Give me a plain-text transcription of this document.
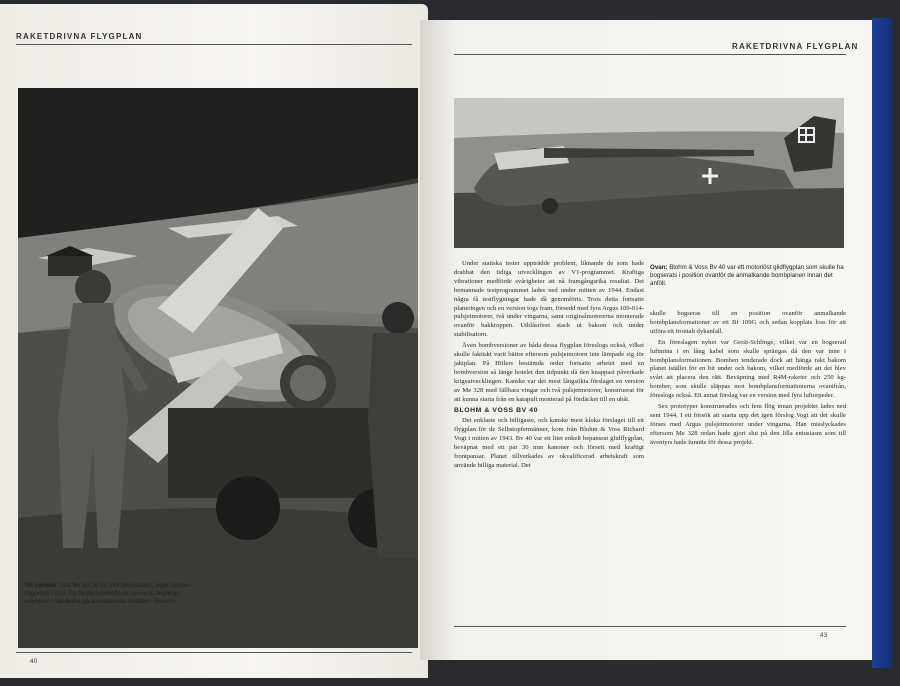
RAKETDRIVNA FLYGPLAN
Till vänster: Inte fler än 36 Bs 349 tillverkades, inget sändes någonsin i strid. De flesta hamnade ikt dessa fs ängänga exempler i händerna på amerikanska soldater i Bayern.
40
RAKETDRIVNA FLYGPLAN
Ovan: Blohm & Voss Bv 40 var ett motorlöst glidflygplan som skulle ha bogserats i position ovanför de anmalkande bombplanen innan det anföll.

Under statiska tester uppträdde problem, liknande de som hade drabbat den tidiga utvecklingen av V1-programmet. Kraftiga vibrationer medförde svårigheter att nå framgångsrika resultat. Det bemannade testprogrammet lades ned under mitten av 1944. Endast några få testflygningar hade då genomförts. Trots detta fortsatte planeringen och en version togs fram, försedd med fyra Argus 109-014-pulsjetmotorer, två under vingarna, samt originalmotorerna monterade ovanför bakkroppen. Utblåsröret stack ut bakom och under stabilisatorn.

Även bombversioner av båda dessa flygplan föreslogs också, vilket skulle faktiskt varit bättre eftersom pulsjetmotorn inte lämpade sig för jaktplan. På Hitlers bestämda order fortsatte arbetet med en bombversion så länge hotelet den tidpunkt då den knappast påverkade krigsutvecklingen. Kanske var det mest långsökta förslaget en version av Me 328 med fällbara vingar och två pulsjetmotorer, konstruerat för att kunna starta från en katapult monterad på fördäcket till en ubåt.

BLOHM & VOSS BV 40

Det enklaste och billigaste, och kanske mest kloka förslaget till ett flygplan för de Selbstopfermänner, kom från Blohm & Voss Richard Vogt i mitten av 1943. Bv 40 var ett litet enkelt bepansrat glidflygplan, beväpnat med ett par 30 mm kanoner och försett med kraftigt frontpansar. Planet tillverkades av okvalificerad arbetskraft som använde billiga material. Det

skulle bogseras till en position ovanför anmalkande bombplansformationer av ett Bf 109G och sedan kopplats loss för att utföra ett frontalt dykanfall.

En föreslagen nyhet var Gerät-Schlinge, vilket var en bogserad luftmina i en lång kabel som skulle sprängas då den var inne i bombplansformationen. Bomben tenderade dock att hänga rakt bakom planet istället för en bit under och bakom, vilket medförde att det blev svårt att placera den rätt. Beväpning med R4M-raketer och 250 kg-bomber, som skulle släppas mot bombplansformationerna ovanifrån, föreslogs också. Ett annat förslag var en version med fyra luftorpeder.

Sex prototyper konstruerades och fem flög innan projektet lades ned sent 1944. I ett försök att starta upp det igen förslog Vogt att det skulle förses med Argus pulsjetmotorer under vingarna. Han misslyckades eftersom Me 328 redan hade gjort slut på den lilla entusiasm som till äventyrs hade funnits för dessa projekt.

43
